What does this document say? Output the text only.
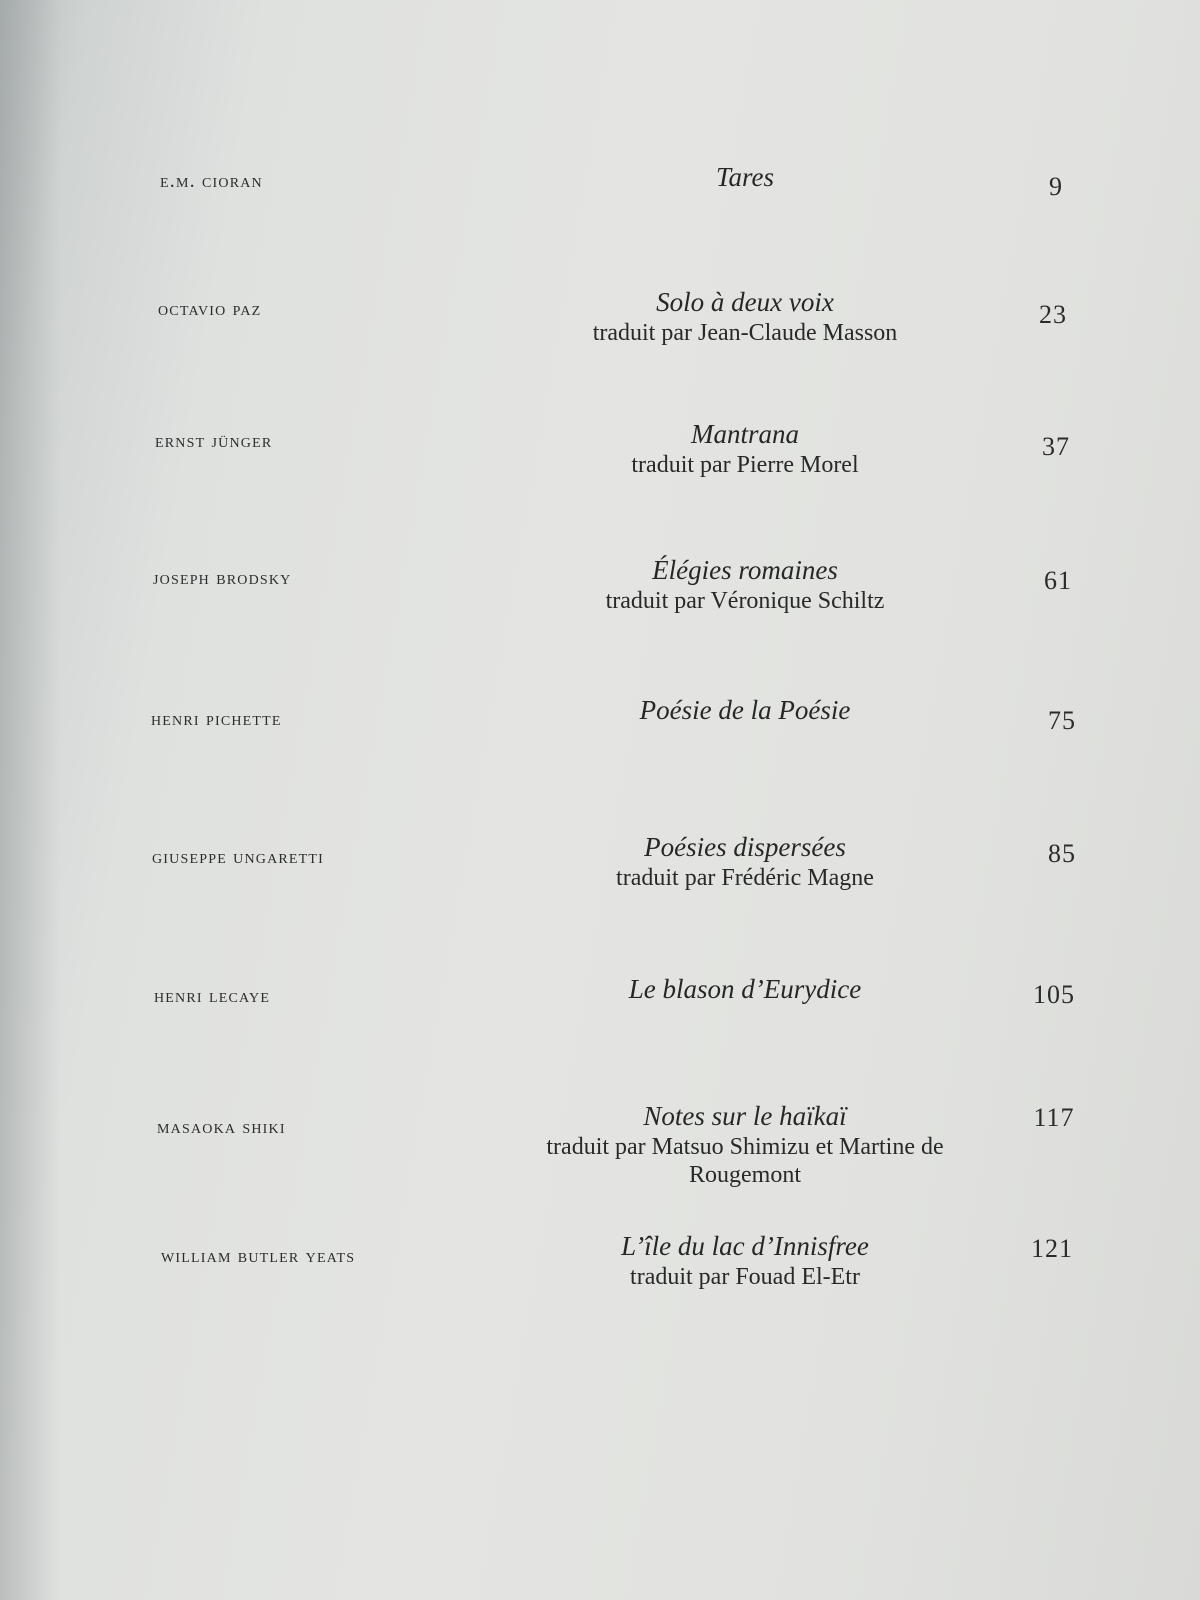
e.m. cioran	Tares	9
octavio paz	Solo à deux voix
traduit par Jean-Claude Masson
23
ernst jünger	Mantrana
traduit par Pierre Morel
37
joseph brodsky	Élégies romaines
traduit par Véronique Schiltz
61
henri pichette	Poésie de la Poésie	75
giuseppe ungaretti	Poésies dispersées
traduit par Frédéric Magne
85
henri lecaye	Le blason d’Eurydice	105
masaoka shiki	Notes sur le haïkaï
traduit par Matsuo Shimizu et Martine de Rougemont
117
william butler yeats	L’île du lac d’Innisfree
traduit par Fouad El-Etr
121
